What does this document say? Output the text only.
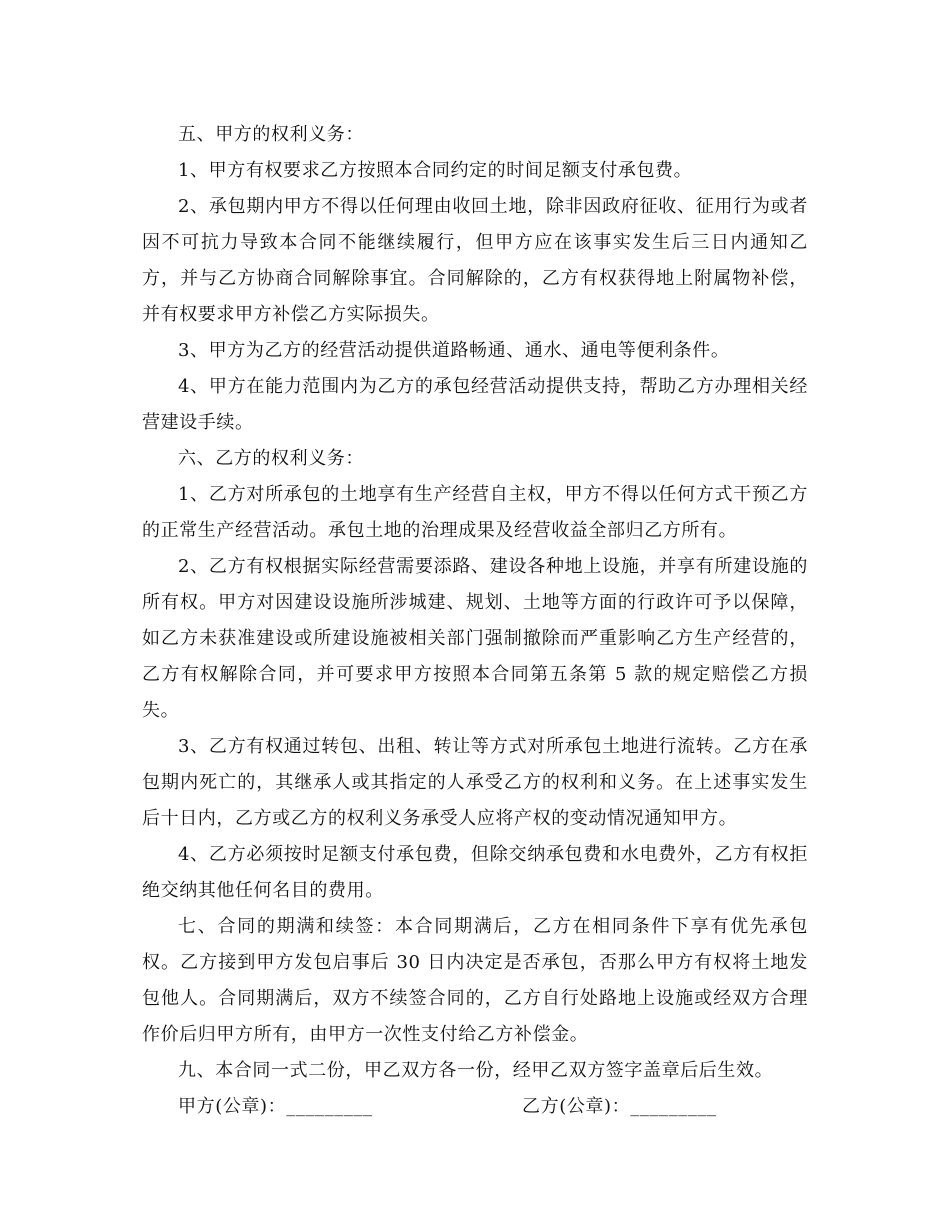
五、甲方的权利义务：

1、甲方有权要求乙方按照本合同约定的时间足额支付承包费。

2、承包期内甲方不得以任何理由收回土地，除非因政府征收、征用行为或者因不可抗力导致本合同不能继续履行，但甲方应在该事实发生后三日内通知乙方，并与乙方协商合同解除事宜。合同解除的，乙方有权获得地上附属物补偿，并有权要求甲方补偿乙方实际损失。

3、甲方为乙方的经营活动提供道路畅通、通水、通电等便利条件。

4、甲方在能力范围内为乙方的承包经营活动提供支持，帮助乙方办理相关经营建设手续。

六、乙方的权利义务：

1、乙方对所承包的土地享有生产经营自主权，甲方不得以任何方式干预乙方的正常生产经营活动。承包土地的治理成果及经营收益全部归乙方所有。

2、乙方有权根据实际经营需要添路、建设各种地上设施，并享有所建设施的所有权。甲方对因建设设施所涉城建、规划、土地等方面的行政许可予以保障，如乙方未获准建设或所建设施被相关部门强制撤除而严重影响乙方生产经营的，乙方有权解除合同，并可要求甲方按照本合同第五条第 5 款的规定赔偿乙方损失。

3、乙方有权通过转包、出租、转让等方式对所承包土地进行流转。乙方在承包期内死亡的，其继承人或其指定的人承受乙方的权利和义务。在上述事实发生后十日内，乙方或乙方的权利义务承受人应将产权的变动情况通知甲方。

4、乙方必须按时足额支付承包费，但除交纳承包费和水电费外，乙方有权拒绝交纳其他任何名目的费用。

七、合同的期满和续签：本合同期满后，乙方在相同条件下享有优先承包权。乙方接到甲方发包启事后 30 日内决定是否承包，否那么甲方有权将土地发包他人。合同期满后，双方不续签合同的，乙方自行处路地上设施或经双方合理作价后归甲方所有，由甲方一次性支付给乙方补偿金。

九、本合同一式二份，甲乙双方各一份，经甲乙双方签字盖章后后生效。

甲方(公章)：_________	乙方(公章)：_________
